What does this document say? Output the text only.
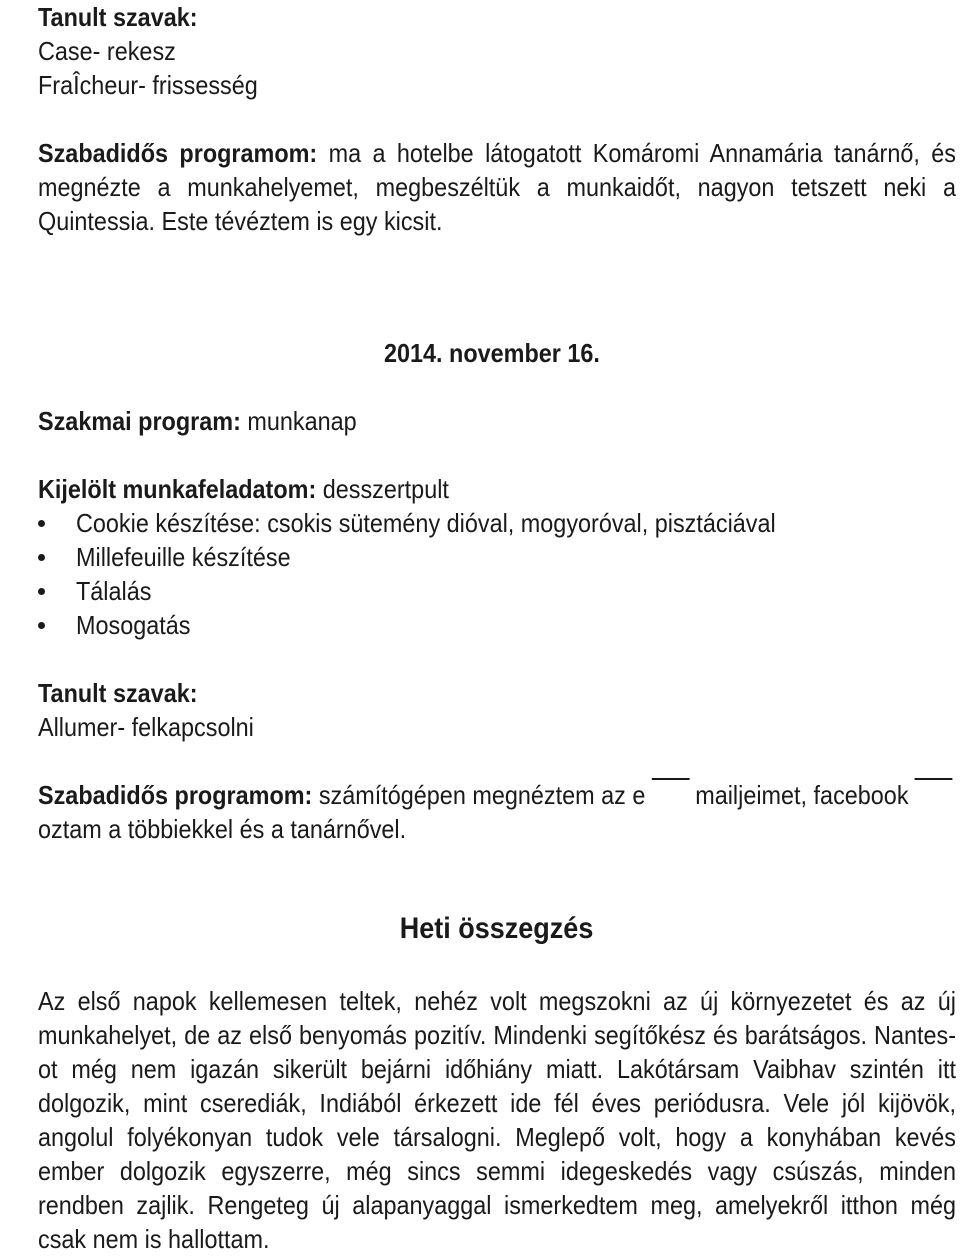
Tanult szavak:
Case- rekesz
FraÎcheur- frissesség
Szabadidős programom: ma a hotelbe látogatott Komáromi Annamária tanárnő, és megnézte a munkahelyemet, megbeszéltük a munkaidőt, nagyon tetszett neki a Quintessia. Este tévéztem is egy kicsit.
2014. november 16.
Szakmai program: munkanap
Kijelölt munkafeladatom: desszertpult
Cookie készítése: csokis sütemény dióval, mogyoróval, pisztáciával
Millefeuille készítése
Tálalás
Mosogatás
Tanult szavak:
Allumer- felkapcsolni
Szabadidős programom: számítógépen megnéztem az e mailjeimet, facebook
oztam a többiekkel és a tanárnővel.
Heti összegzés
Az első napok kellemesen teltek, nehéz volt megszokni az új környezetet és az új munkahelyet, de az első benyomás pozitív. Mindenki segítőkész és barátságos. Nantes-ot még nem igazán sikerült bejárni időhiány miatt. Lakótársam Vaibhav szintén itt dolgozik, mint cserediák, Indiából érkezett ide fél éves periódusra. Vele jól kijövök, angolul folyékonyan tudok vele társalogni. Meglepő volt, hogy a konyhában kevés ember dolgozik egyszerre, még sincs semmi idegeskedés vagy csúszás, minden rendben zajlik. Rengeteg új alapanyaggal ismerkedtem meg, amelyekről itthon még csak nem is hallottam.
